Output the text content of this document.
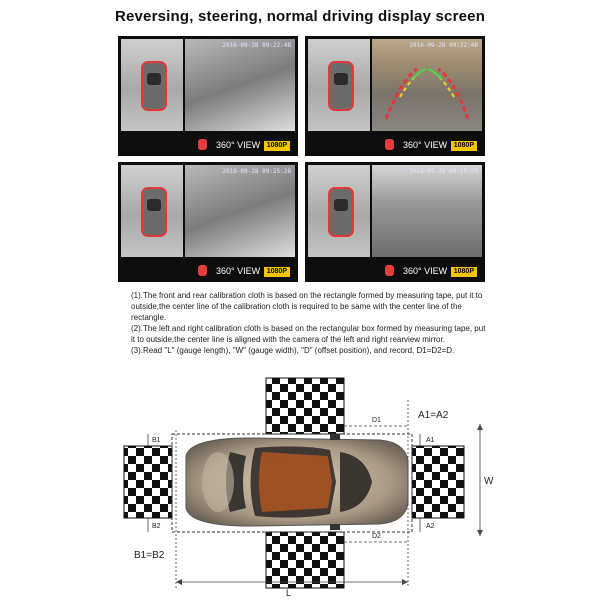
Reversing, steering, normal driving display screen
2016-09-28 09:22:48
360° VIEW 1080P
2016-09-28 09:22:48
360° VIEW 1080P
2016-09-28 09:25:28
360° VIEW 1080P
2016-09-28 09:25:28
360° VIEW 1080P

(1).The front and rear calibration cloth is based on the rectangle formed by measuring tape, put it to outside,the center line of the calibration cloth is required to be same with the center line of the rectangle.

(2).The left and right calibration cloth is based on the rectangular box formed by measuring tape, put it to outside,the center line is aligned with the camera of the left and right rearview mirror.

(3).Read "L" (gauge length), "W" (gauge width), "D" (offset position), and record, D1=D2=D.

D1
D2
B1
B2
B1=B2
A1=A2
A1
A2
W
L
